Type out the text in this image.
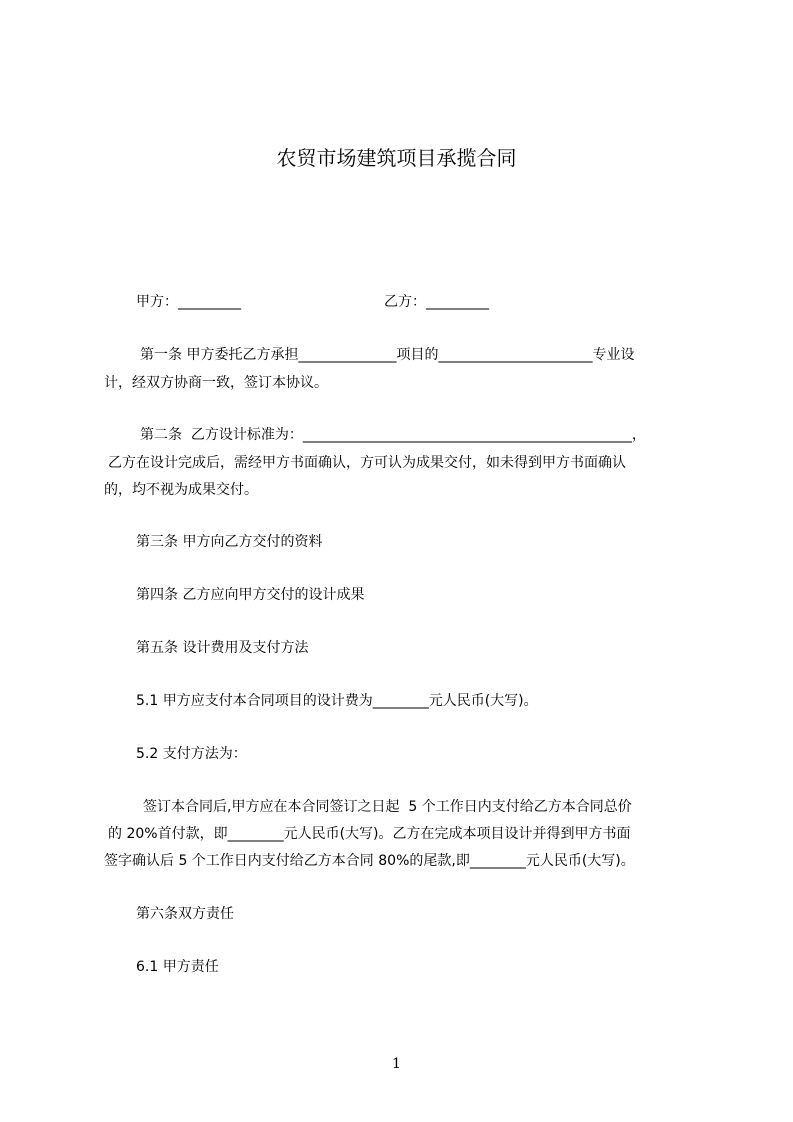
农贸市场建筑项目承揽合同
甲方：_________	乙方：_________
第一条 甲方委托乙方承担______________项目的______________________专业设
计，经双方协商一致，签订本协议。
第二条  乙方设计标准为：_______________________________________________，
乙方在设计完成后，需经甲方书面确认，方可认为成果交付，如未得到甲方书面确认
的，均不视为成果交付。
第三条 甲方向乙方交付的资料
第四条 乙方应向甲方交付的设计成果
第五条 设计费用及支付方法
5.1 甲方应支付本合同项目的设计费为________元人民币(大写)。
5.2 支付方法为：
签订本合同后,甲方应在本合同签订之日起  5 个工作日内支付给乙方本合同总价
的 20%首付款，即________元人民币(大写)。乙方在完成本项目设计并得到甲方书面
签字确认后 5 个工作日内支付给乙方本合同 80%的尾款,即________元人民币(大写)。
第六条双方责任
6.1 甲方责任
1
